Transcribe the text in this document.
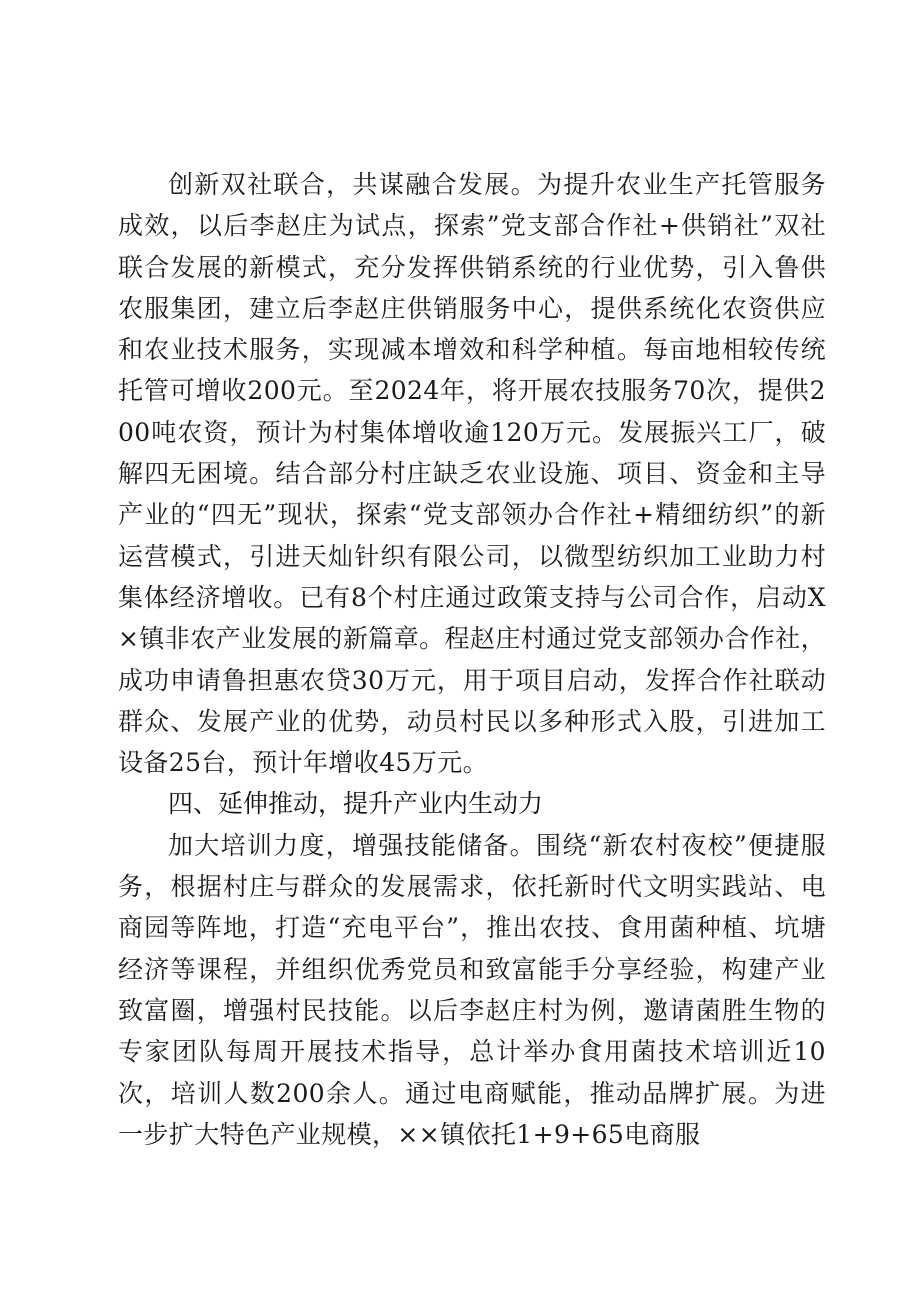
创新双社联合，共谋融合发展。为提升农业生产托管服务成效，以后李赵庄为试点，探索”党支部合作社+供销社”双社联合发展的新模式，充分发挥供销系统的行业优势，引入鲁供农服集团，建立后李赵庄供销服务中心，提供系统化农资供应和农业技术服务，实现减本增效和科学种植。每亩地相较传统托管可增收200元。至2024年，将开展农技服务70次，提供200吨农资，预计为村集体增收逾120万元。发展振兴工厂，破解四无困境。结合部分村庄缺乏农业设施、项目、资金和主导产业的“四无”现状，探索“党支部领办合作社+精细纺织”的新运营模式，引进天灿针织有限公司，以微型纺织加工业助力村集体经济增收。已有8个村庄通过政策支持与公司合作，启动X×镇非农产业发展的新篇章。程赵庄村通过党支部领办合作社，成功申请鲁担惠农贷30万元，用于项目启动，发挥合作社联动群众、发展产业的优势，动员村民以多种形式入股，引进加工设备25台，预计年增收45万元。

四、延伸推动，提升产业内生动力

加大培训力度，增强技能储备。围绕“新农村夜校”便捷服务，根据村庄与群众的发展需求，依托新时代文明实践站、电商园等阵地，打造“充电平台”，推出农技、食用菌种植、坑塘经济等课程，并组织优秀党员和致富能手分享经验，构建产业致富圈，增强村民技能。以后李赵庄村为例，邀请菌胜生物的专家团队每周开展技术指导，总计举办食用菌技术培训近10次，培训人数200余人。通过电商赋能，推动品牌扩展。为进一步扩大特色产业规模，××镇依托1+9+65电商服
